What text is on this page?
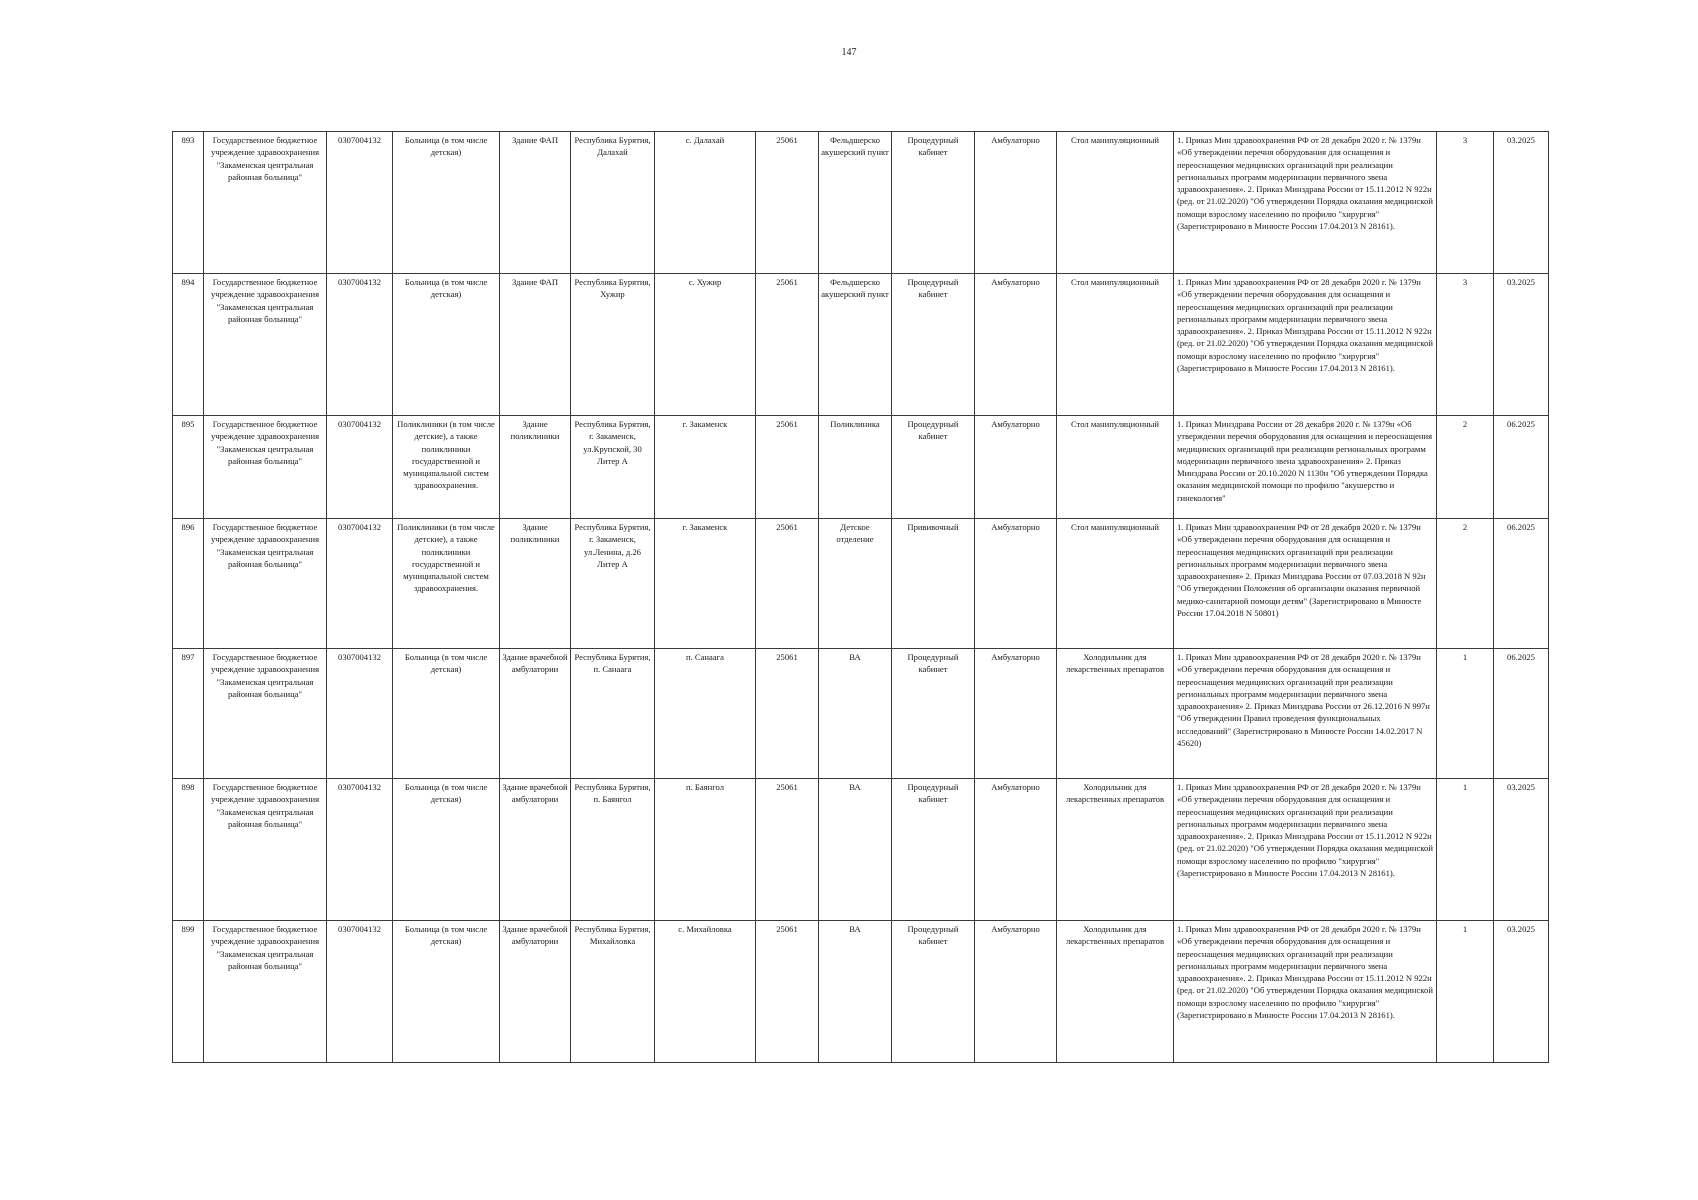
147
893	Государственное бюджетное учреждение здравоохранения "Закаменская центральная районная больница"	0307004132	Больница (в том числе детская)	Здание ФАП	Республика Бурятия, Далахай	с. Далахай	25061	Фельдшерско акушерский пункт	Процедурный кабинет	Амбулаторно	Стол манипуляционный	1. Приказ Мин здравоохранения РФ от 28 декабря 2020 г. № 1379н «Об утверждении перечня оборудования для оснащения и переоснащения медицинских организаций при реализации региональных программ модернизации первичного звена здравоохранения». 2. Приказ Минздрава России от 15.11.2012 N 922н (ред. от 21.02.2020) "Об утверждении Порядка оказания медицинской помощи взрослому населению по профилю "хирургия" (Зарегистрировано в Минюсте России 17.04.2013 N 28161).	3	03.2025
894	Государственное бюджетное учреждение здравоохранения "Закаменская центральная районная больница"	0307004132	Больница (в том числе детская)	Здание ФАП	Республика Бурятия, Хужир	с. Хужир	25061	Фельдшерско акушерский пункт	Процедурный кабинет	Амбулаторно	Стол манипуляционный	1. Приказ Мин здравоохранения РФ от 28 декабря 2020 г. № 1379н «Об утверждении перечня оборудования для оснащения и переоснащения медицинских организаций при реализации региональных программ модернизации первичного звена здравоохранения». 2. Приказ Минздрава России от 15.11.2012 N 922н (ред. от 21.02.2020) "Об утверждении Порядка оказания медицинской помощи взрослому населению по профилю "хирургия" (Зарегистрировано в Минюсте России 17.04.2013 N 28161).	3	03.2025
895	Государственное бюджетное учреждение здравоохранения "Закаменская центральная районная больница"	0307004132	Поликлиники (в том числе детские), а также поликлиники государственной и муниципальной систем здравоохранения.	Здание поликлиники	Республика Бурятия, г. Закаменск, ул.Крупской, 30 Литер А	г. Закаменск	25061	Поликлиника	Процедурный кабинет	Амбулаторно	Стол манипуляционный	1. Приказ Минздрава России от 28 декабря 2020 г. № 1379н «Об утверждении перечня оборудования для оснащения и переоснащения медицинских организаций при реализации региональных программ модернизации первичного звена здравоохранения» 2. Приказ Минздрава России от 20.10.2020 N 1130н "Об утверждении Порядка оказания медицинской помощи по профилю "акушерство и гинекология"	2	06.2025
896	Государственное бюджетное учреждение здравоохранения "Закаменская центральная районная больница"	0307004132	Поликлиники (в том числе детские), а также поликлиники государственной и муниципальной систем здравоохранения.	Здание поликлиники	Республика Бурятия, г. Закаменск, ул.Ленина, д.26 Литер А	г. Закаменск	25061	Детское отделение	Прививочный	Амбулаторно	Стол манипуляционный	1. Приказ Мин здравоохранения РФ от 28 декабря 2020 г. № 1379н «Об утверждении перечня оборудования для оснащения и переоснащения медицинских организаций при реализации региональных программ модернизации первичного звена здравоохранения» 2. Приказ Минздрава России от 07.03.2018 N 92н "Об утверждении Положения об организации оказания первичной медико-санитарной помощи детям" (Зарегистрировано в Минюсте России 17.04.2018 N 50801)	2	06.2025
897	Государственное бюджетное учреждение здравоохранения "Закаменская центральная районная больница"	0307004132	Больница (в том числе детская)	Здание врачебной амбулатории	Республика Бурятия, п. Санаага	п. Санаага	25061	ВА	Процедурный кабинет	Амбулаторно	Холодильник для лекарственных препаратов	1. Приказ Мин здравоохранения РФ от 28 декабря 2020 г. № 1379н «Об утверждении перечня оборудования для оснащения и переоснащения медицинских организаций при реализации региональных программ модернизации первичного звена здравоохранения» 2. Приказ Минздрава России от 26.12.2016 N 997н "Об утверждении Правил проведения функциональных исследований" (Зарегистрировано в Минюсте России 14.02.2017 N 45620)	1	06.2025
898	Государственное бюджетное учреждение здравоохранения "Закаменская центральная районная больница"	0307004132	Больница (в том числе детская)	Здание врачебной амбулатории	Республика Бурятия, п. Баянгол	п. Баянгол	25061	ВА	Процедурный кабинет	Амбулаторно	Холодильник для лекарственных препаратов	1. Приказ Мин здравоохранения РФ от 28 декабря 2020 г. № 1379н «Об утверждении перечня оборудования для оснащения и переоснащения медицинских организаций при реализации региональных программ модернизации первичного звена здравоохранения». 2. Приказ Минздрава России от 15.11.2012 N 922н (ред. от 21.02.2020) "Об утверждении Порядка оказания медицинской помощи взрослому населению по профилю "хирургия" (Зарегистрировано в Минюсте России 17.04.2013 N 28161).	1	03.2025
899	Государственное бюджетное учреждение здравоохранения "Закаменская центральная районная больница"	0307004132	Больница (в том числе детская)	Здание врачебной амбулатории	Республика Бурятия, Михайловка	с. Михайловка	25061	ВА	Процедурный кабинет	Амбулаторно	Холодильник для лекарственных препаратов	1. Приказ Мин здравоохранения РФ от 28 декабря 2020 г. № 1379н «Об утверждении перечня оборудования для оснащения и переоснащения медицинских организаций при реализации региональных программ модернизации первичного звена здравоохранения». 2. Приказ Минздрава России от 15.11.2012 N 922н (ред. от 21.02.2020) "Об утверждении Порядка оказания медицинской помощи взрослому населению по профилю "хирургия" (Зарегистрировано в Минюсте России 17.04.2013 N 28161).	1	03.2025
